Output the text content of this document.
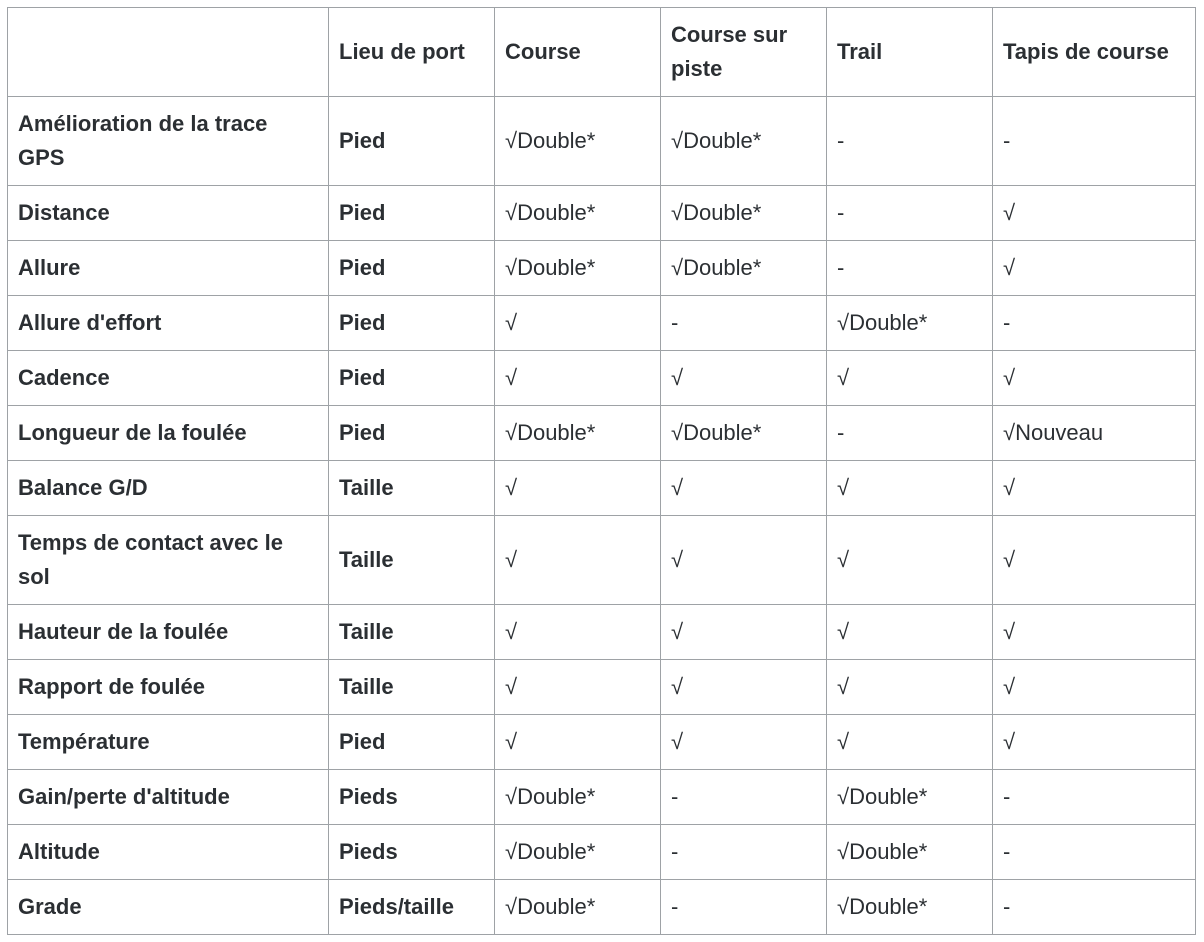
	Lieu de port	Course	Course sur piste	Trail	Tapis de course
Amélioration de la trace GPS	Pied	√Double*	√Double*	-	-
Distance	Pied	√Double*	√Double*	-	√
Allure	Pied	√Double*	√Double*	-	√
Allure d'effort	Pied	√	-	√Double*	-
Cadence	Pied	√	√	√	√
Longueur de la foulée	Pied	√Double*	√Double*	-	√Nouveau
Balance G/D	Taille	√	√	√	√
Temps de contact avec le sol	Taille	√	√	√	√
Hauteur de la foulée	Taille	√	√	√	√
Rapport de foulée	Taille	√	√	√	√
Température	Pied	√	√	√	√
Gain/perte d'altitude	Pieds	√Double*	-	√Double*	-
Altitude	Pieds	√Double*	-	√Double*	-
Grade	Pieds/taille	√Double*	-	√Double*	-
